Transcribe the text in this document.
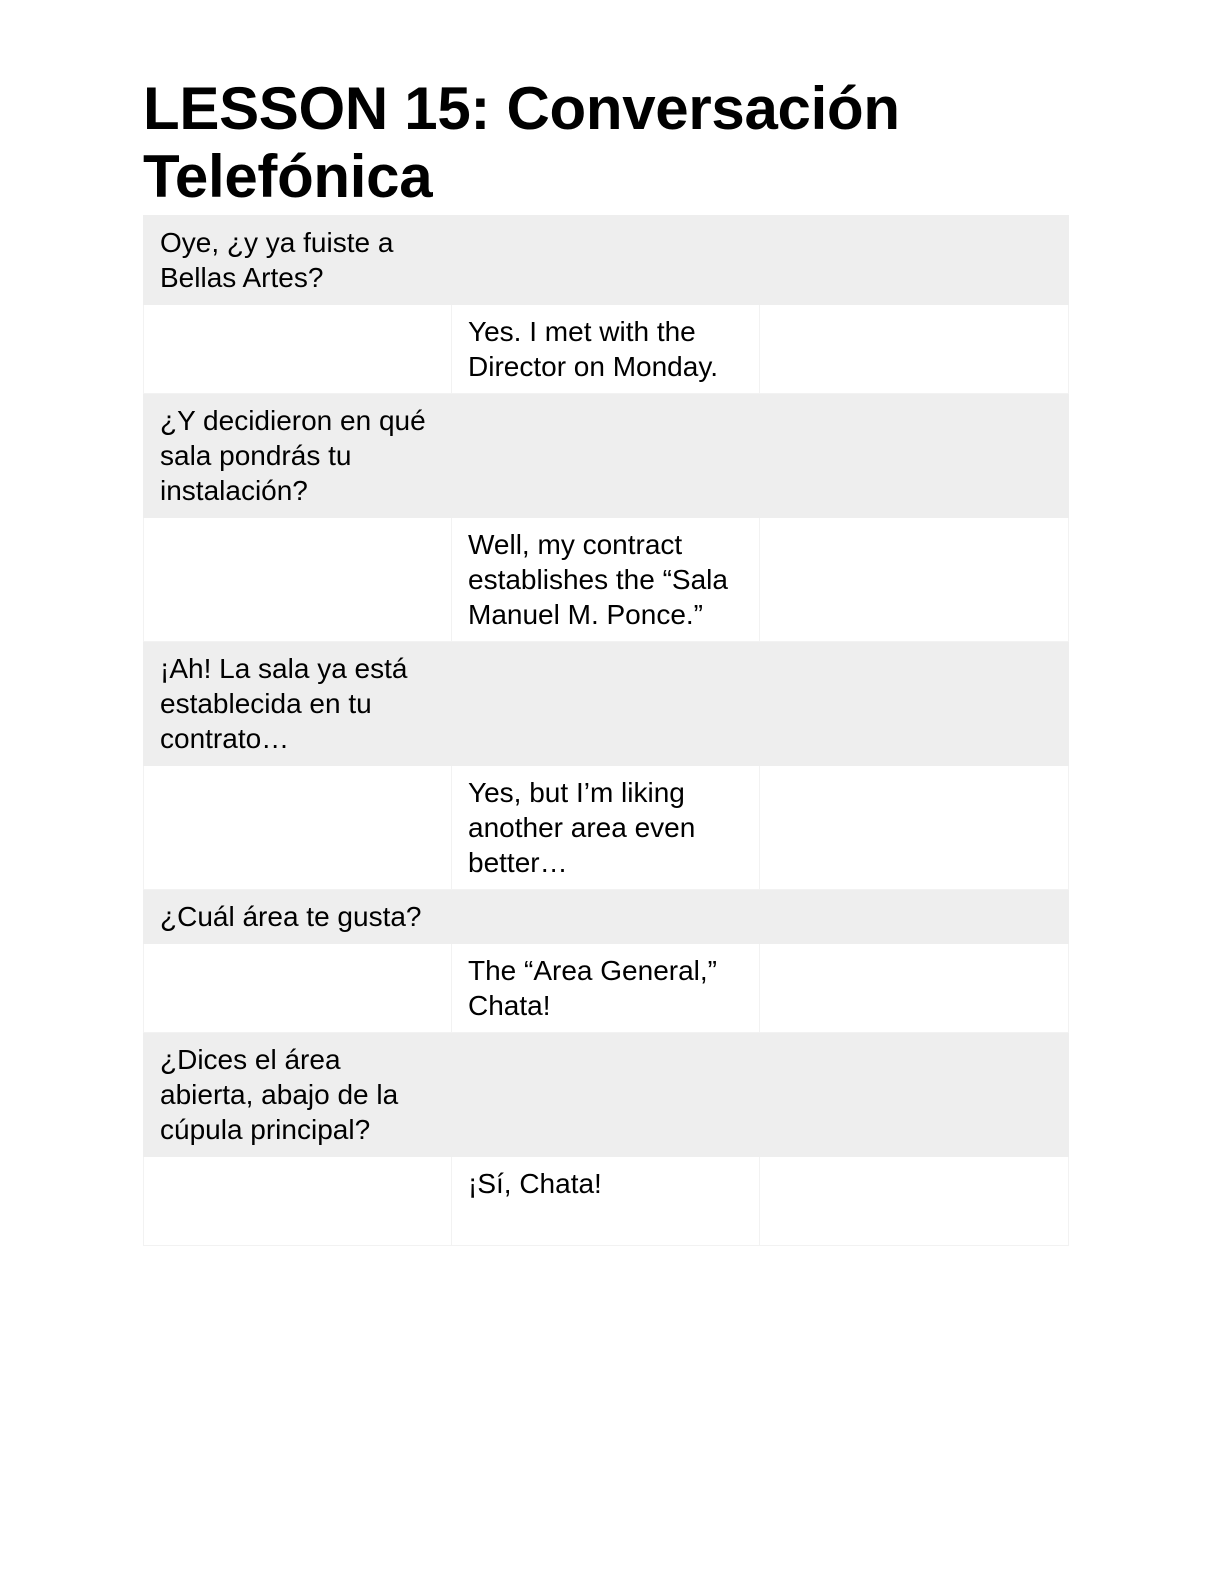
LESSON 15: Conversación
Telefónica
Oye, ¿y ya fuiste a Bellas Artes?		
	Yes. I met with the Director on Monday.	
¿Y decidieron en qué sala pondrás tu instalación?		
	Well, my contract establishes the “Sala Manuel M. Ponce.”	
¡Ah! La sala ya está establecida en tu contrato…		
	Yes, but I’m liking another area even better…	
¿Cuál área te gusta?		
	The “Area General,” Chata!	
¿Dices el área abierta, abajo de la cúpula principal?		
	¡Sí, Chata!	
